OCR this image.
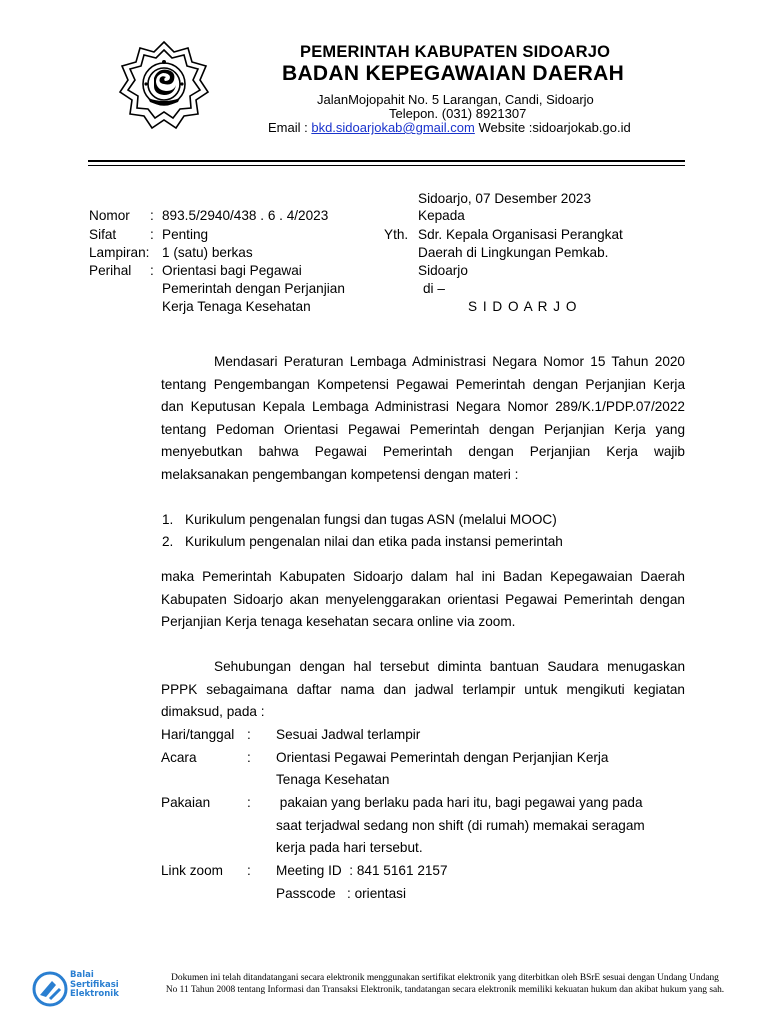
PEMERINTAH KABUPATEN SIDOARJO
BADAN KEPEGAWAIAN DAERAH
JalanMojopahit No. 5 Larangan, Candi, Sidoarjo
Telepon. (031) 8921307
Email : bkd.sidoarjokab@gmail.com Website :sidoarjokab.go.id
Nomor : 893.5/2940/438 . 6 . 4/2023
Sifat : Penting
Lampiran: 1 (satu) berkas
Perihal : Orientasi bagi Pegawai
Pemerintah dengan Perjanjian
Kerja Tenaga Kesehatan
Sidoarjo, 07 Desember 2023
Kepada
Yth. Sdr. Kepala Organisasi Perangkat
Daerah di Lingkungan Pemkab.
Sidoarjo
di –
S I D O A R J O
Mendasari Peraturan Lembaga Administrasi Negara Nomor 15 Tahun 2020 tentang Pengembangan Kompetensi Pegawai Pemerintah dengan Perjanjian Kerja dan Keputusan Kepala Lembaga Administrasi Negara Nomor 289/K.1/PDP.07/2022 tentang Pedoman Orientasi Pegawai Pemerintah dengan Perjanjian Kerja yang menyebutkan bahwa Pegawai Pemerintah dengan Perjanjian Kerja wajib melaksanakan pengembangan kompetensi dengan materi :
1. Kurikulum pengenalan fungsi dan tugas ASN (melalui MOOC)
2. Kurikulum pengenalan nilai dan etika pada instansi pemerintah
maka Pemerintah Kabupaten Sidoarjo dalam hal ini Badan Kepegawaian Daerah Kabupaten Sidoarjo akan menyelenggarakan orientasi Pegawai Pemerintah dengan Perjanjian Kerja tenaga kesehatan secara online via zoom.
Sehubungan dengan hal tersebut diminta bantuan Saudara menugaskan PPPK sebagaimana daftar nama dan jadwal terlampir untuk mengikuti kegiatan dimaksud, pada :
Hari/tanggal : Sesuai Jadwal terlampir
Acara	: Orientasi Pegawai Pemerintah dengan Perjanjian Kerja
Tenaga Kesehatan
Pakaian	: pakaian yang berlaku pada hari itu, bagi pegawai yang pada
saat terjadwal sedang non shift (di rumah) memakai seragam
kerja pada hari tersebut.
Link zoom : Meeting ID  : 841 5161 2157
Passcode   : orientasi
Balai
Sertifikasi
Elektronik
Dokumen ini telah ditandatangani secara elektronik menggunakan sertifikat elektronik yang diterbitkan oleh BSrE sesuai dengan Undang Undang
No 11 Tahun 2008 tentang Informasi dan Transaksi Elektronik, tandatangan secara elektronik memiliki kekuatan hukum dan akibat hukum yang sah.
